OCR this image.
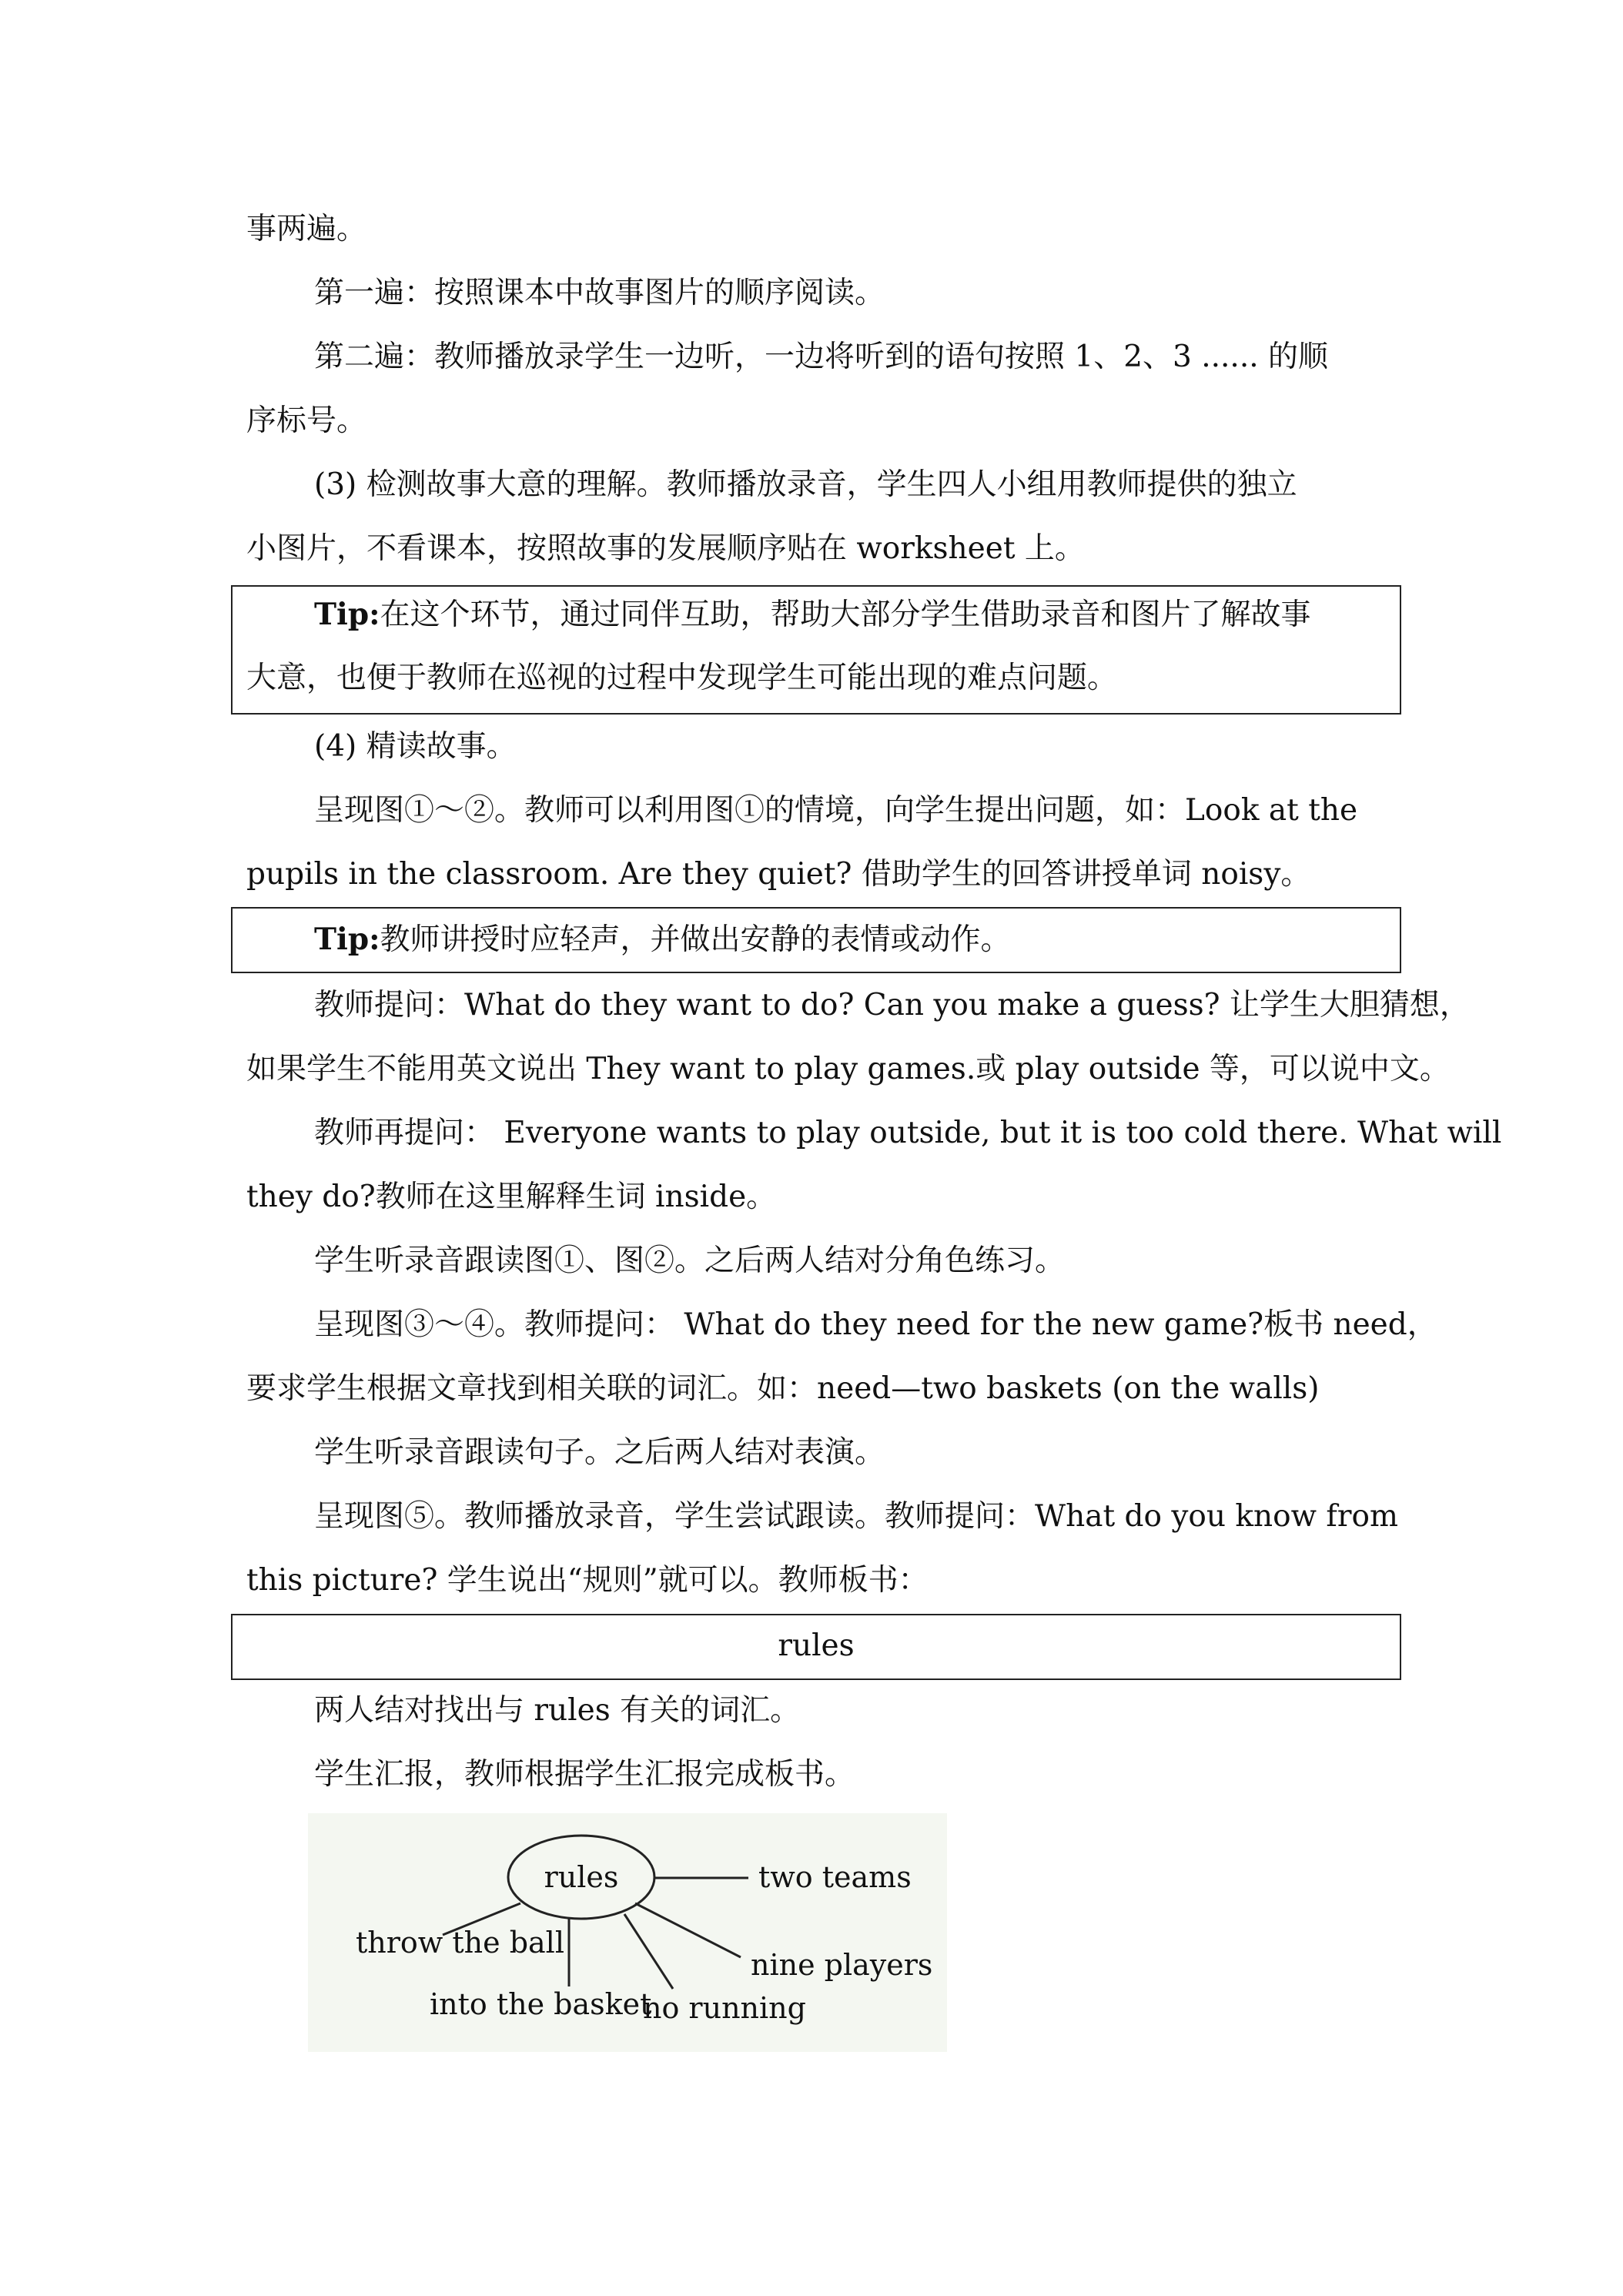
事两遍。
第一遍：按照课本中故事图片的顺序阅读。
第二遍：教师播放录学生一边听，一边将听到的语句按照 1、2、3 ...... 的顺
序标号。
(3) 检测故事大意的理解。教师播放录音，学生四人小组用教师提供的独立
小图片，不看课本，按照故事的发展顺序贴在 worksheet 上。
Tip:在这个环节，通过同伴互助，帮助大部分学生借助录音和图片了解故事
大意，也便于教师在巡视的过程中发现学生可能出现的难点问题。
(4) 精读故事。
呈现图①～②。教师可以利用图①的情境，向学生提出问题，如：Look at the
pupils in the classroom. Are they quiet? 借助学生的回答讲授单词 noisy。
Tip:教师讲授时应轻声，并做出安静的表情或动作。
教师提问：What do they want to do? Can you make a guess? 让学生大胆猜想，
如果学生不能用英文说出 They want to play games.或 play outside 等，可以说中文。
教师再提问： Everyone wants to play outside, but it is too cold there. What will
they do?教师在这里解释生词 inside。
学生听录音跟读图①、图②。之后两人结对分角色练习。
呈现图③～④。教师提问： What do they need for the new game?板书 need，
要求学生根据文章找到相关联的词汇。如：need—two baskets (on the walls)
学生听录音跟读句子。之后两人结对表演。
呈现图⑤。教师播放录音，学生尝试跟读。教师提问：What do you know from
this picture? 学生说出“规则”就可以。教师板书：
rules
两人结对找出与 rules 有关的词汇。
学生汇报，教师根据学生汇报完成板书。
rules	two teams
throw the ball
nine players
into the basket
no running
